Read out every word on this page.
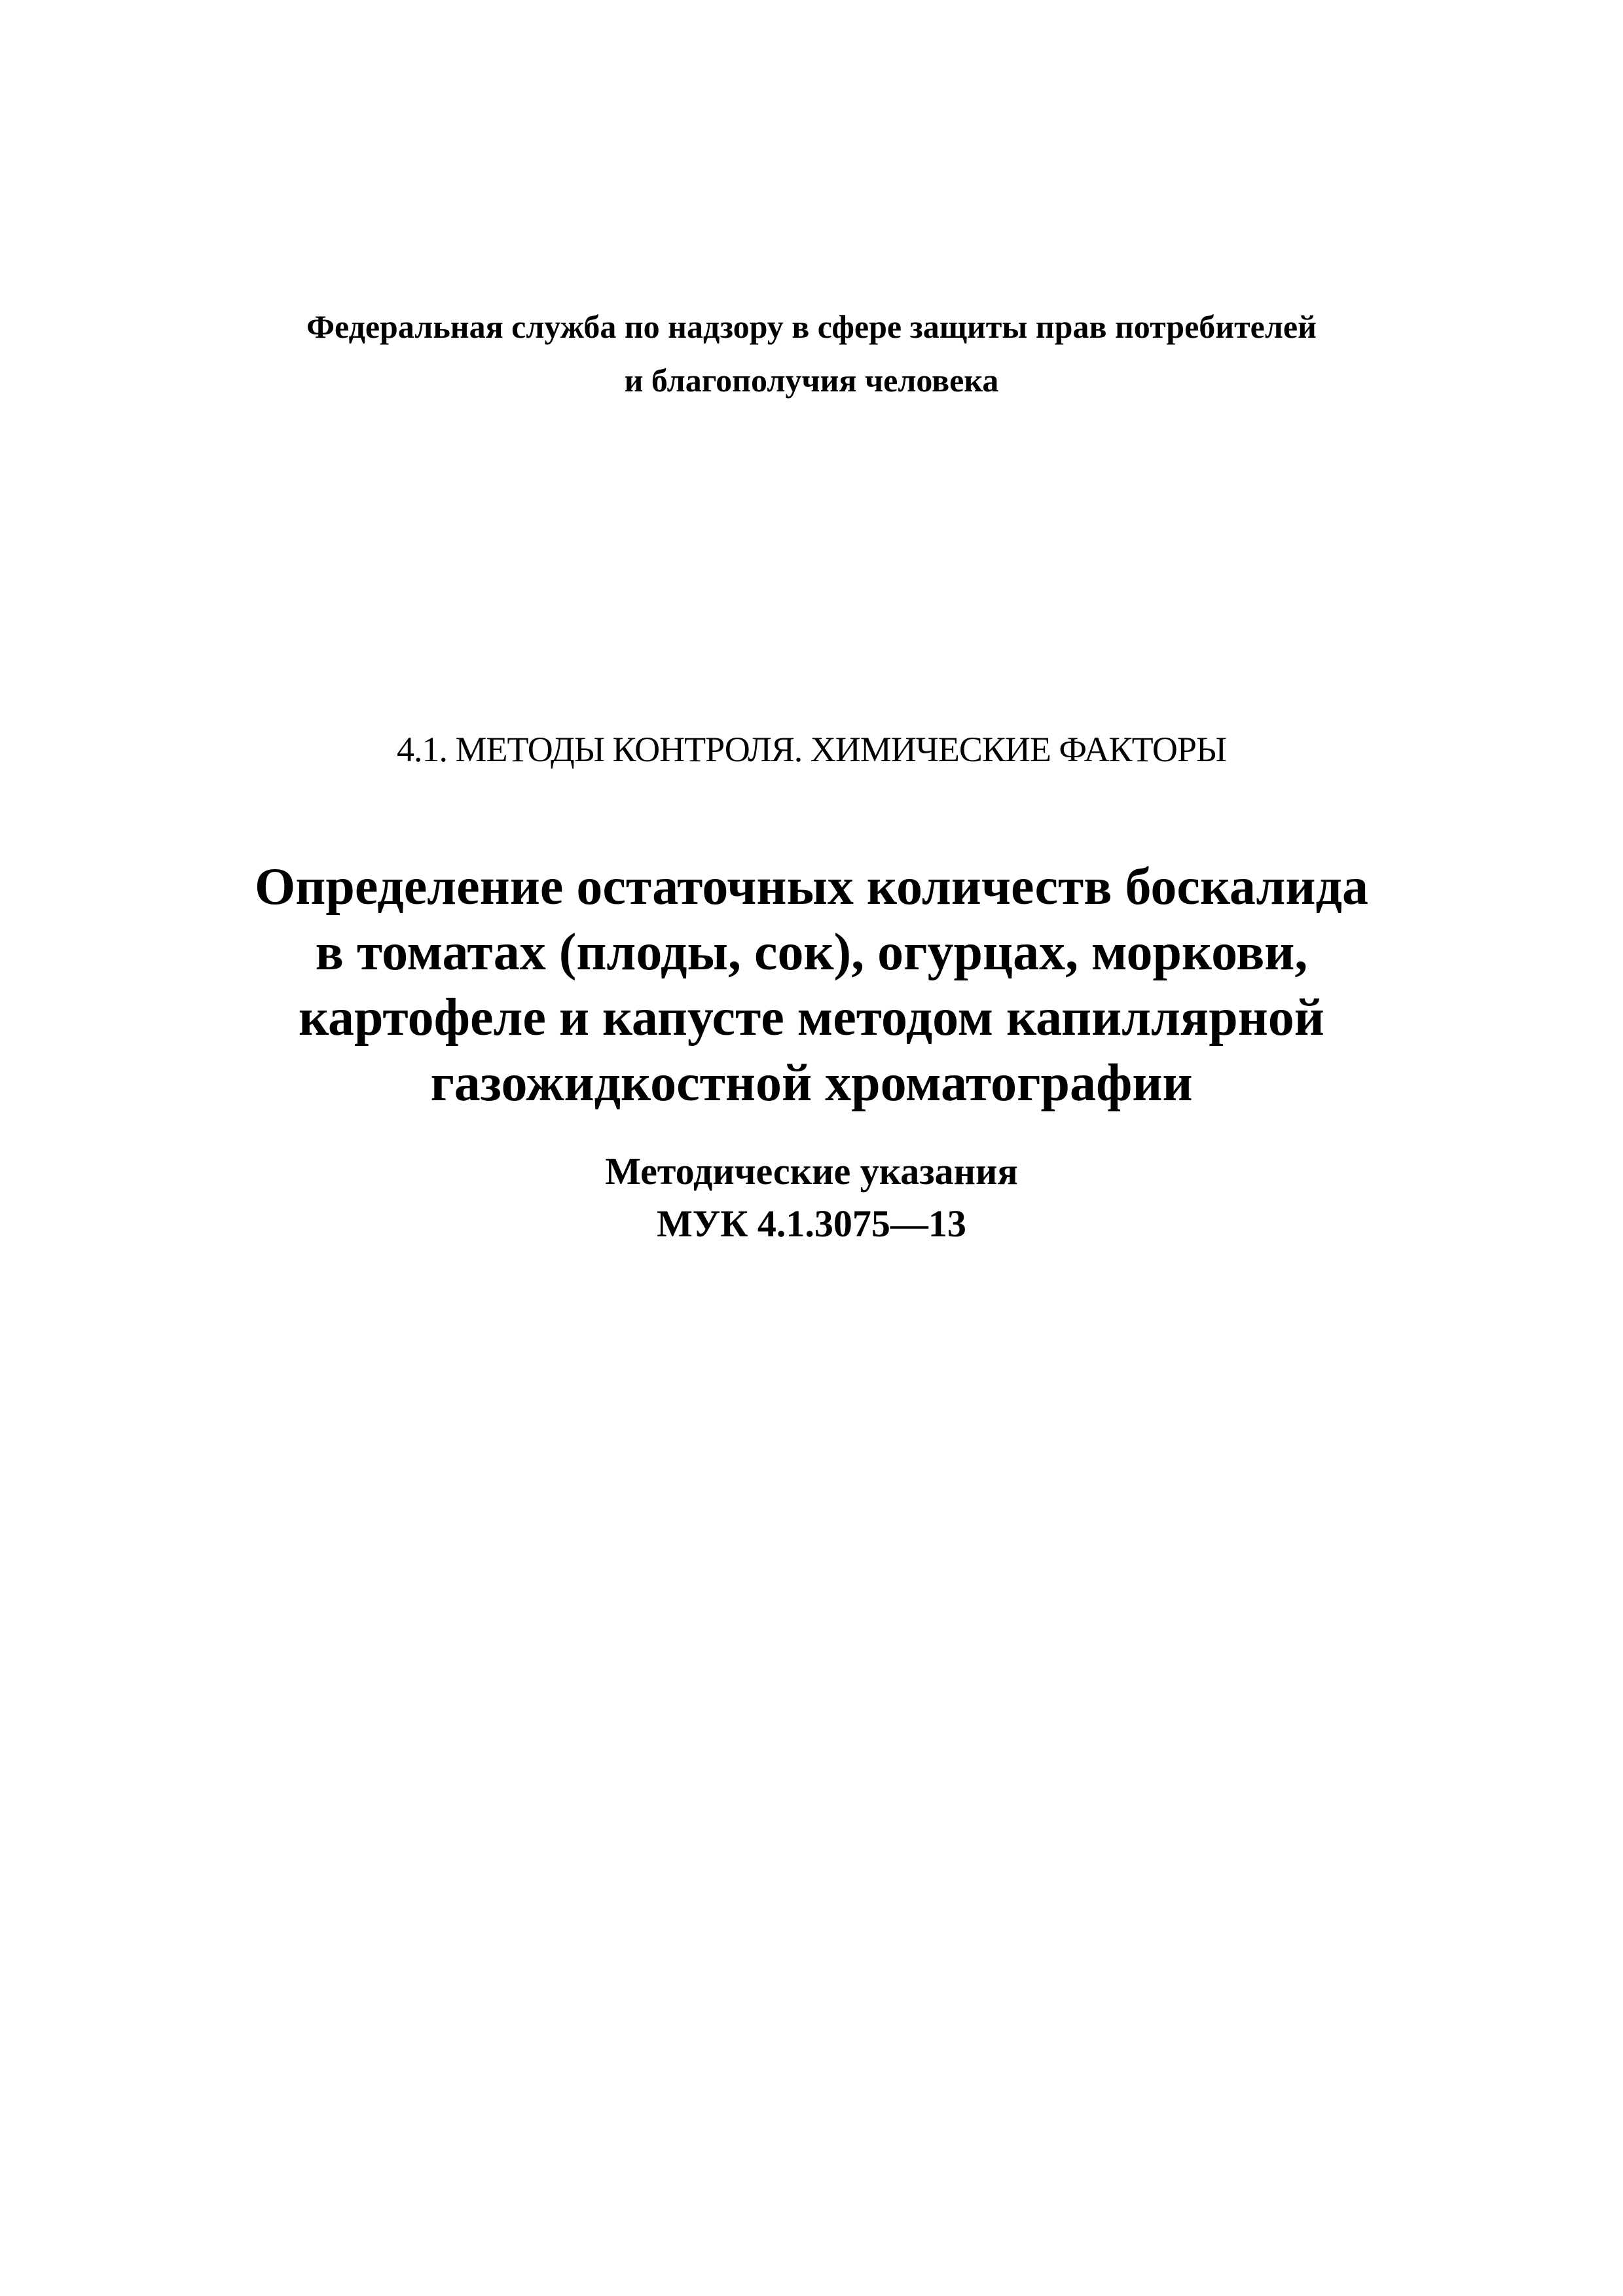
Федеральная служба по надзору в сфере защиты прав потребителей
и благополучия человека
4.1. МЕТОДЫ КОНТРОЛЯ. ХИМИЧЕСКИЕ ФАКТОРЫ
Определение остаточных количеств боскалида
в томатах (плоды, сок), огурцах, моркови,
картофеле и капусте методом капиллярной
газожидкостной хроматографии
Методические указания
МУК 4.1.3075—13
